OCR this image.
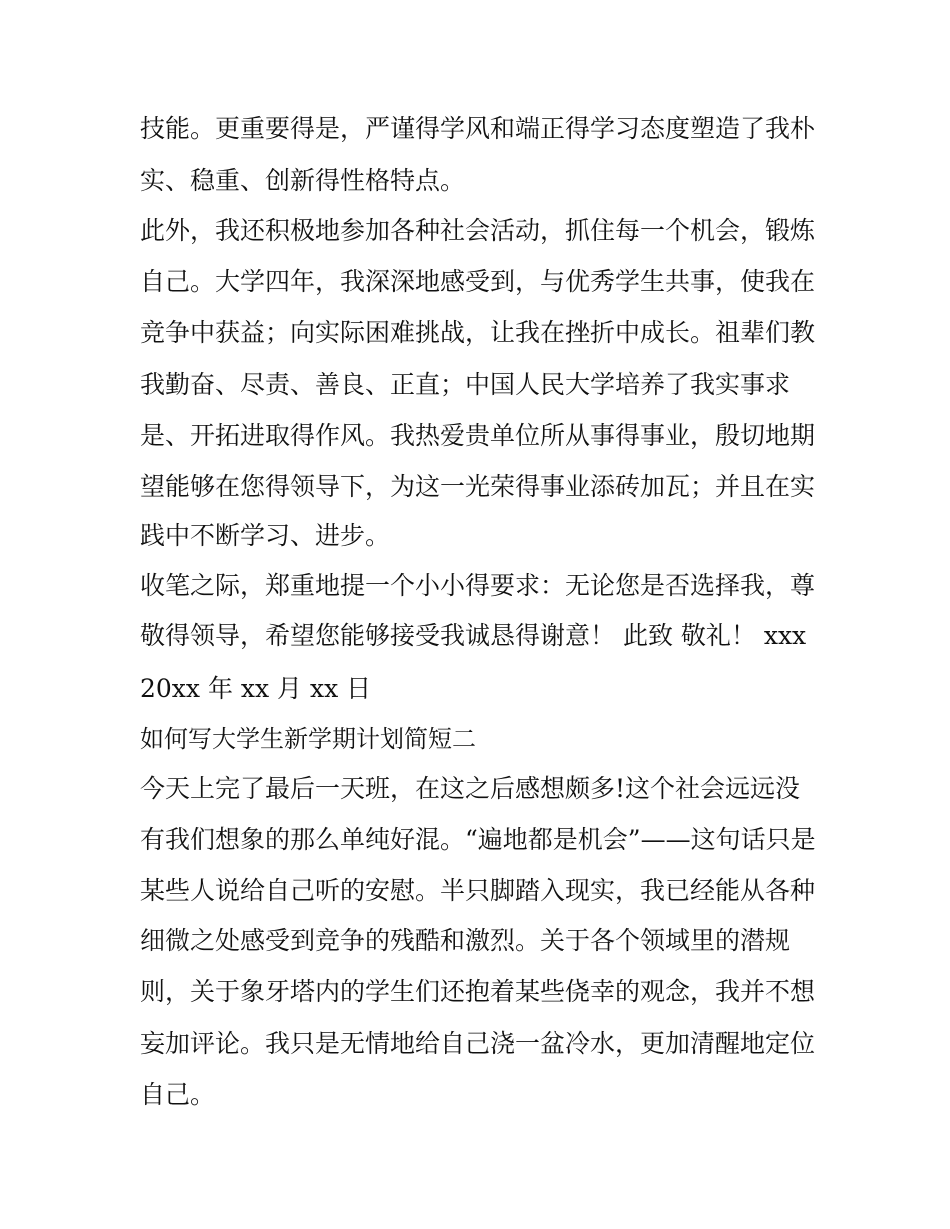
技能。更重要得是，严谨得学风和端正得学习态度塑造了我朴
实、稳重、创新得性格特点。
此外，我还积极地参加各种社会活动，抓住每一个机会，锻炼
自己。大学四年，我深深地感受到，与优秀学生共事，使我在
竞争中获益；向实际困难挑战，让我在挫折中成长。祖辈们教
我勤奋、尽责、善良、正直；中国人民大学培养了我实事求
是、开拓进取得作风。我热爱贵单位所从事得事业，殷切地期
望能够在您得领导下，为这一光荣得事业添砖加瓦；并且在实
践中不断学习、进步。
收笔之际，郑重地提一个小小得要求：无论您是否选择我，尊
敬得领导，希望您能够接受我诚恳得谢意！ 此致 敬礼！ xxx
20xx 年 xx 月 xx 日
如何写大学生新学期计划简短二
今天上完了最后一天班，在这之后感想颇多!这个社会远远没
有我们想象的那么单纯好混。“遍地都是机会”——这句话只是
某些人说给自己听的安慰。半只脚踏入现实，我已经能从各种
细微之处感受到竞争的残酷和激烈。关于各个领域里的潜规
则，关于象牙塔内的学生们还抱着某些侥幸的观念，我并不想
妄加评论。我只是无情地给自己浇一盆冷水，更加清醒地定位
自己。
